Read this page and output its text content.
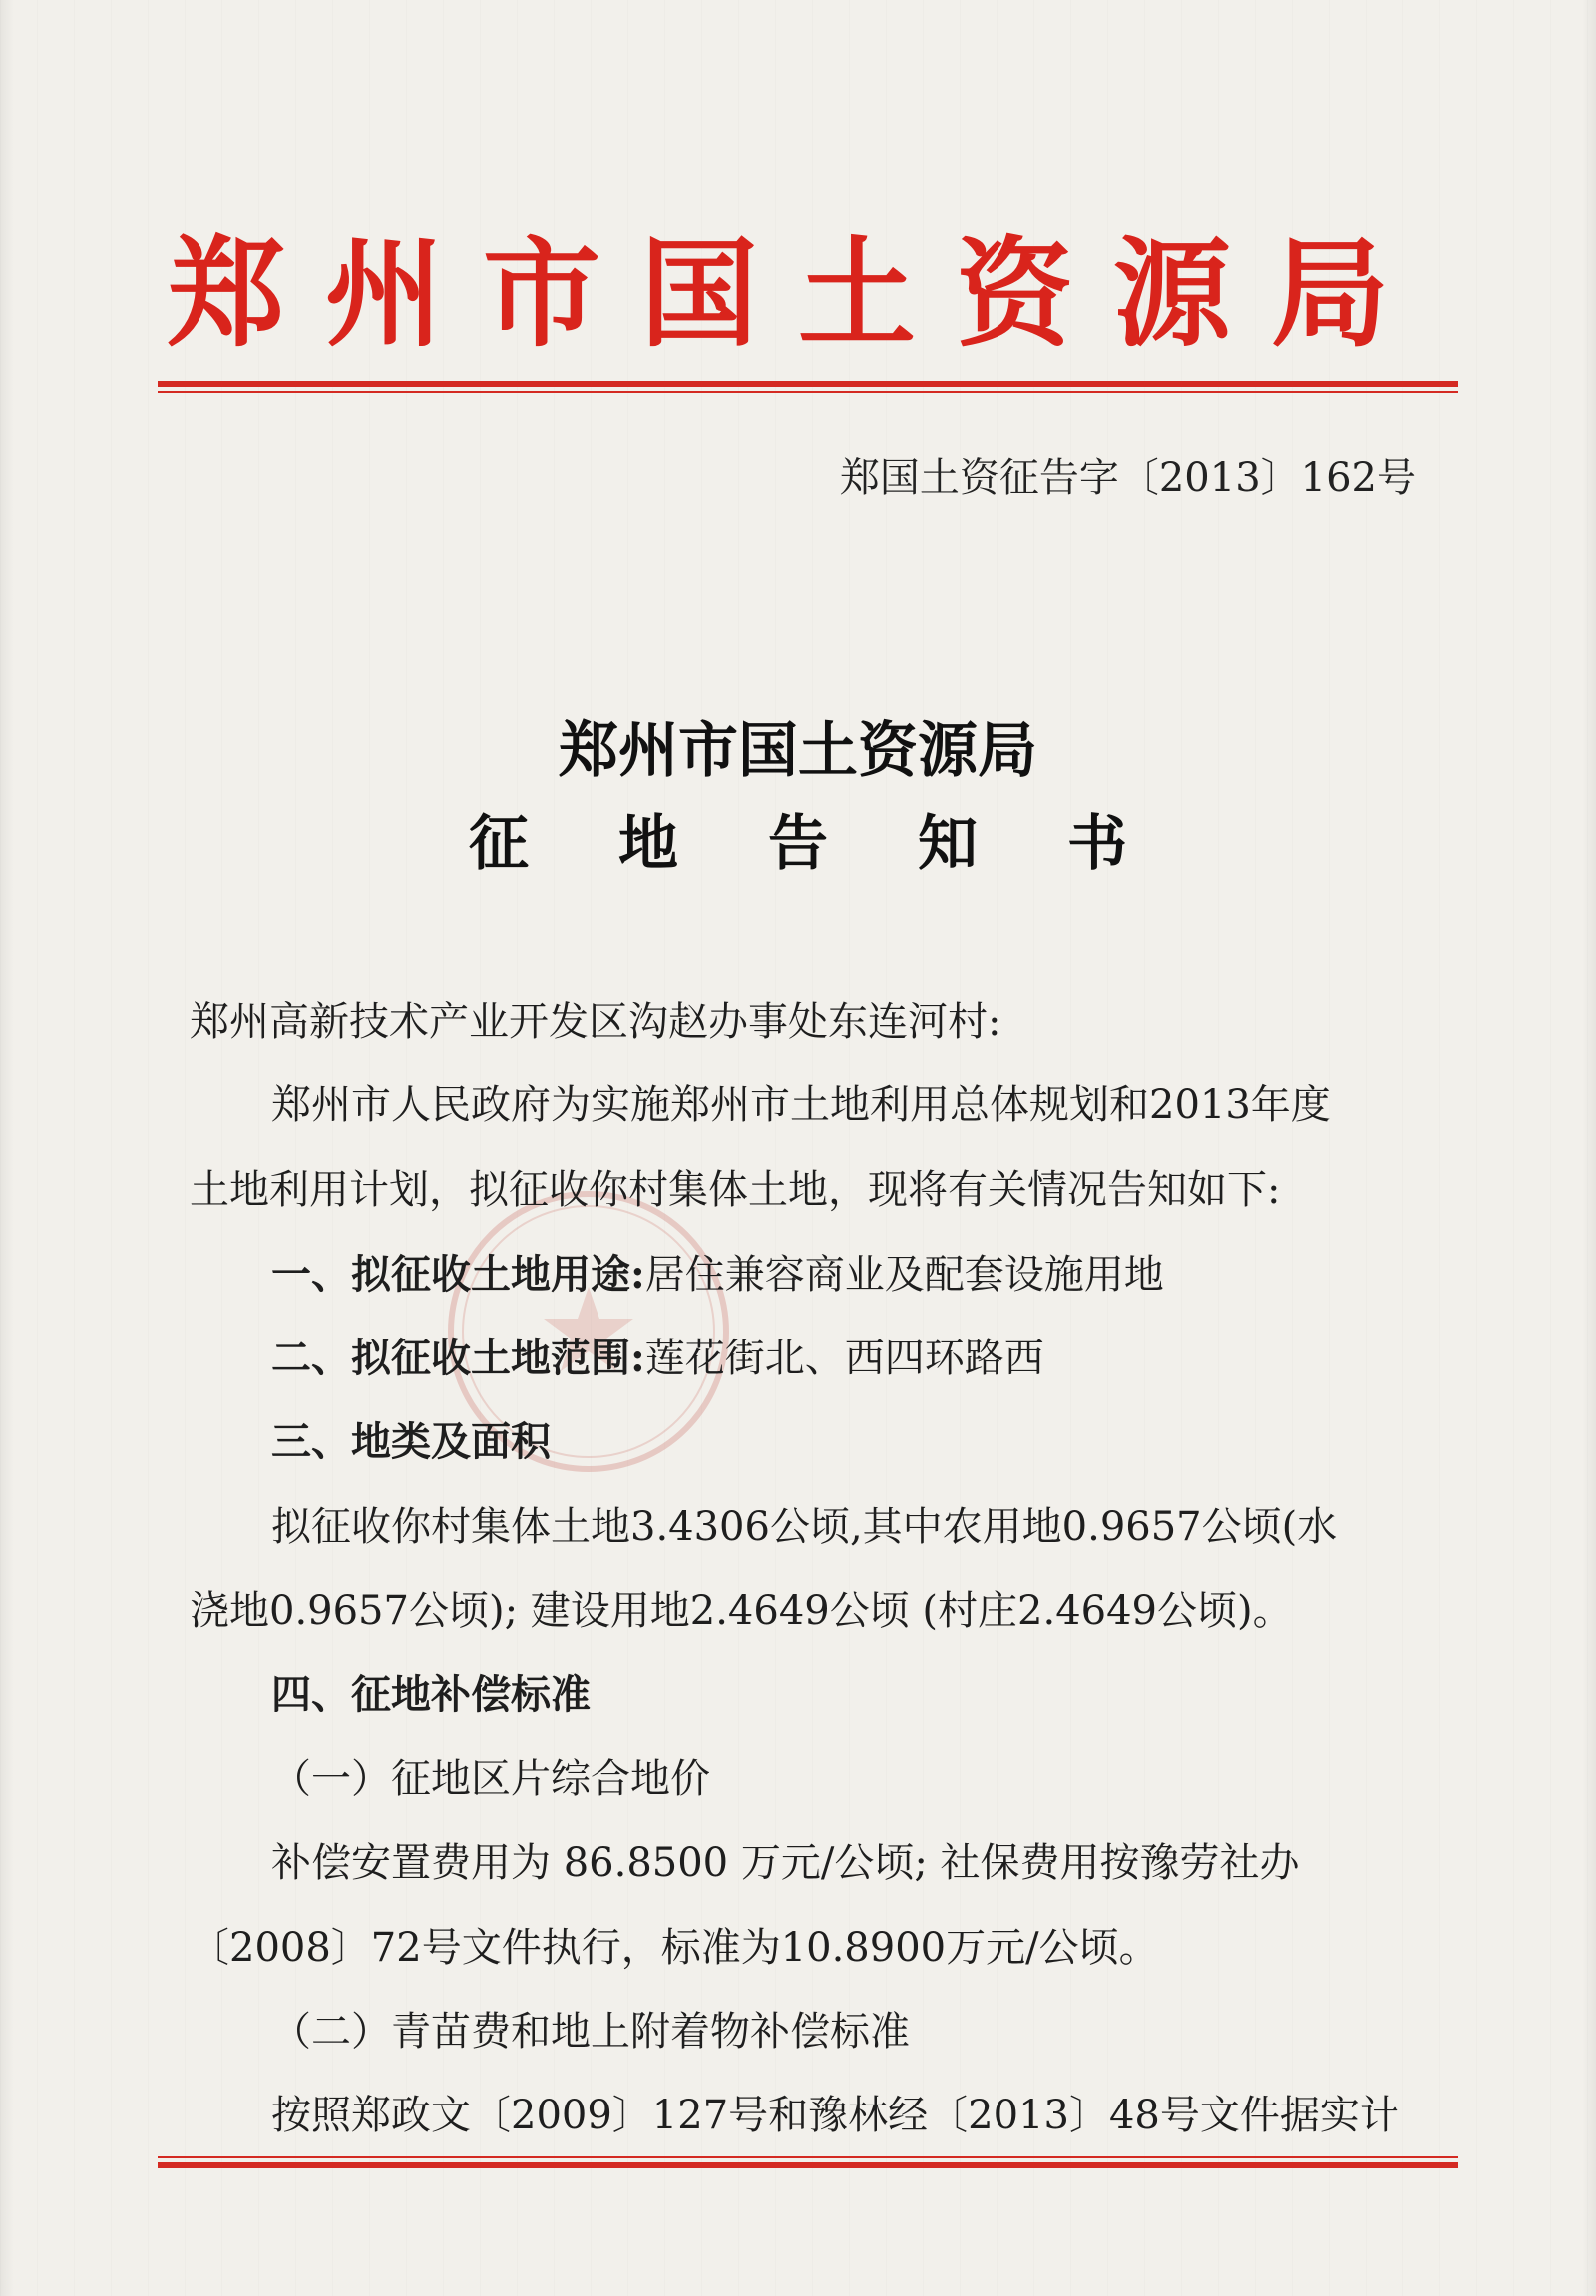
郑州市国土资源局
郑国土资征告字〔2013〕162号
郑州市国土资源局
征地告知书
郑州高新技术产业开发区沟赵办事处东连河村:
郑州市人民政府为实施郑州市土地利用总体规划和2013年度
土地利用计划，拟征收你村集体土地，现将有关情况告知如下:
一、拟征收土地用途:居住兼容商业及配套设施用地
二、拟征收土地范围:莲花街北、西四环路西
三、地类及面积
拟征收你村集体土地3.4306公顷,其中农用地0.9657公顷(水
浇地0.9657公顷); 建设用地2.4649公顷 (村庄2.4649公顷)。
四、征地补偿标准
（一）征地区片综合地价
补偿安置费用为 86.8500 万元/公顷; 社保费用按豫劳社办
〔2008〕72号文件执行，标准为10.8900万元/公顷。
（二）青苗费和地上附着物补偿标准
按照郑政文〔2009〕127号和豫林经〔2013〕48号文件据实计
